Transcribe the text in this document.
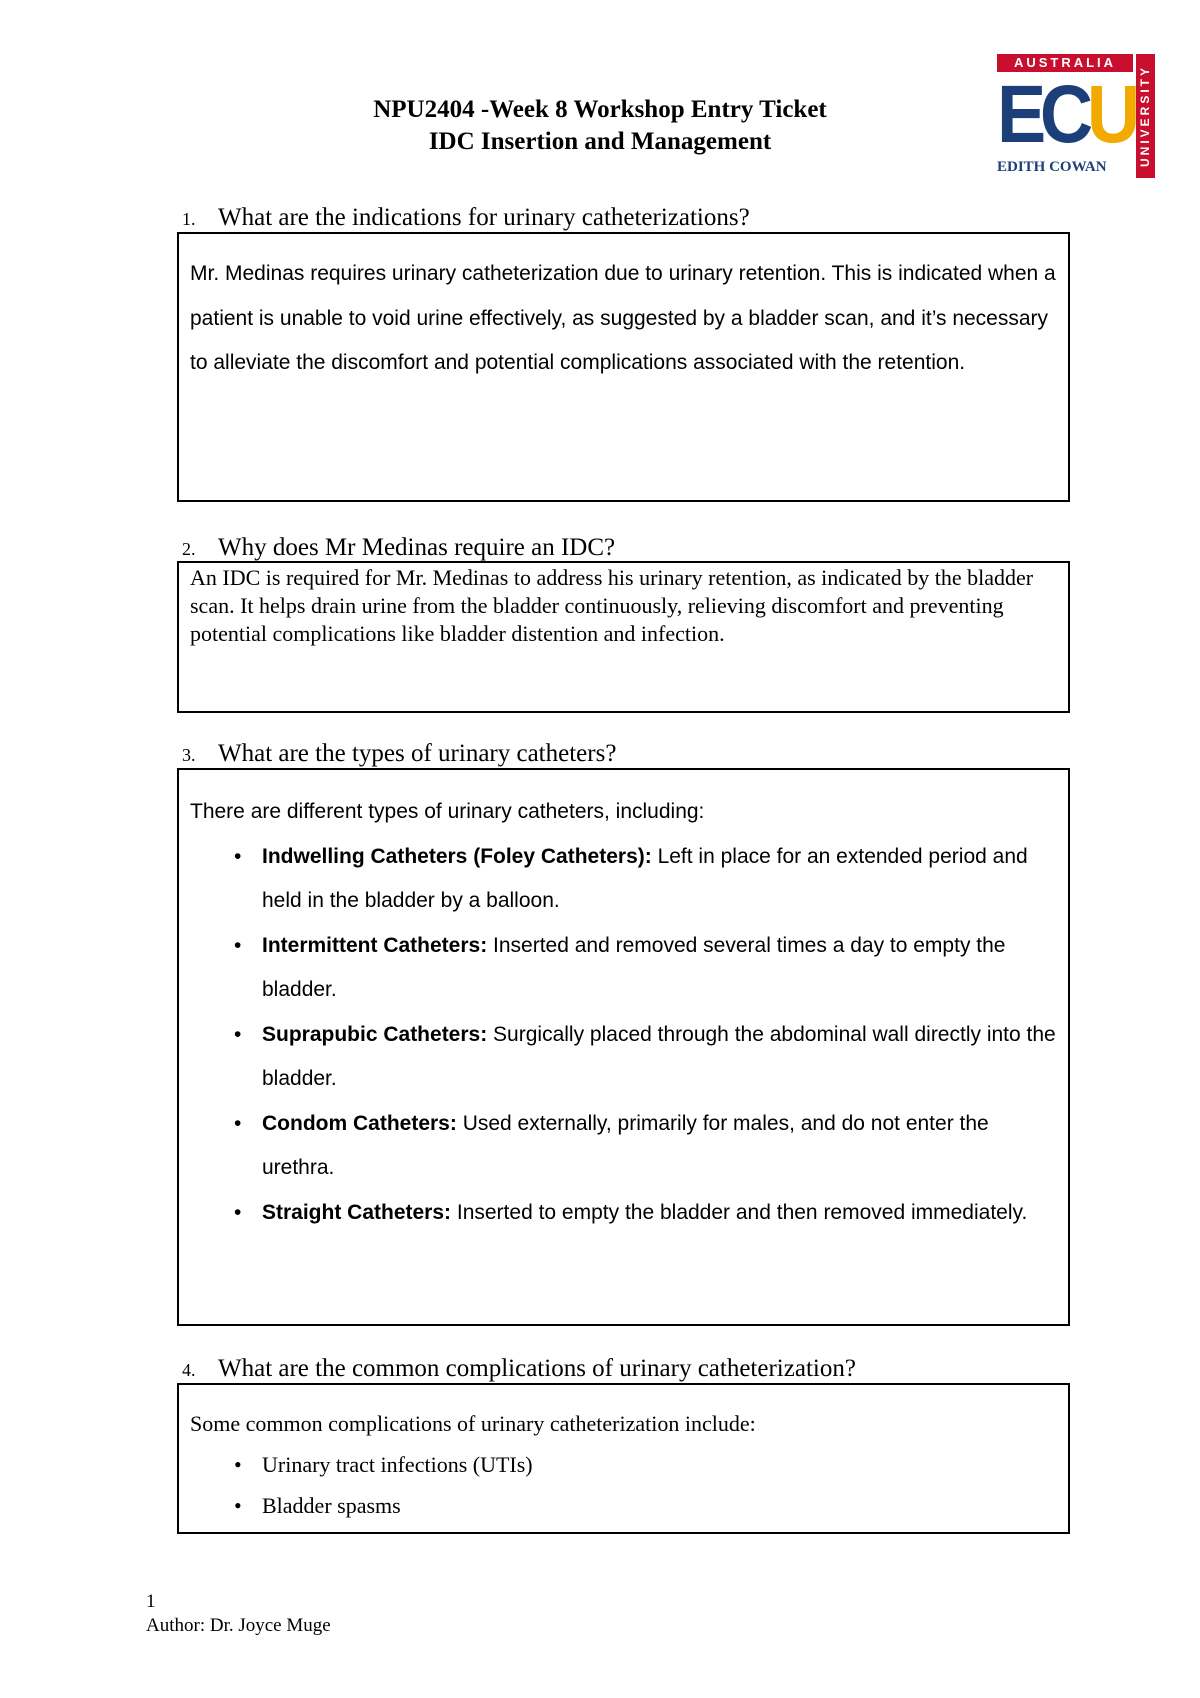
NPU2404 -Week 8 Workshop Entry Ticket
IDC Insertion and Management
AUSTRALIA
ECU
EDITH COWAN	UNIVERSITY

1. What are the indications for urinary catheterizations?

Mr. Medinas requires urinary catheterization due to urinary retention. This is indicated when a patient is unable to void urine effectively, as suggested by a bladder scan, and it’s necessary to alleviate the discomfort and potential complications associated with the retention.

2. Why does Mr Medinas require an IDC?

An IDC is required for Mr. Medinas to address his urinary retention, as indicated by the bladder scan. It helps drain urine from the bladder continuously, relieving discomfort and preventing potential complications like bladder distention and infection.

3. What are the types of urinary catheters?

There are different types of urinary catheters, including:

• Indwelling Catheters (Foley Catheters): Left in place for an extended period and held in the bladder by a balloon.
• Intermittent Catheters: Inserted and removed several times a day to empty the bladder.
• Suprapubic Catheters: Surgically placed through the abdominal wall directly into the bladder.
• Condom Catheters: Used externally, primarily for males, and do not enter the urethra.
• Straight Catheters: Inserted to empty the bladder and then removed immediately.

4. What are the common complications of urinary catheterization?

Some common complications of urinary catheterization include:

• Urinary tract infections (UTIs)
• Bladder spasms

1

Author: Dr. Joyce Muge
